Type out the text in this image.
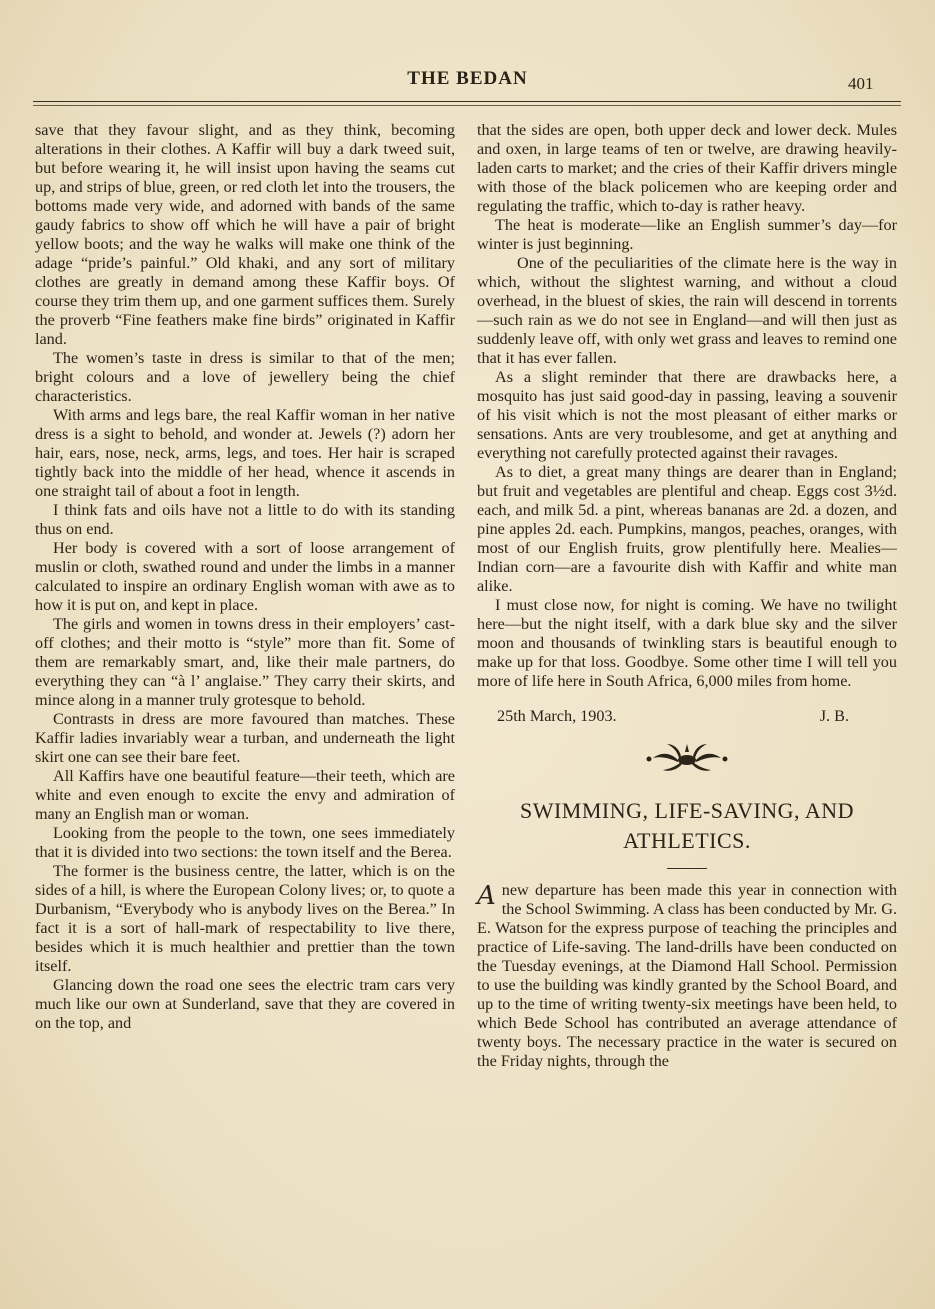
THE BEDAN	401

save that they favour slight, and as they think, becoming alterations in their clothes. A Kaffir will buy a dark tweed suit, but before wearing it, he will insist upon having the seams cut up, and strips of blue, green, or red cloth let into the trousers, the bottoms made very wide, and adorned with bands of the same gaudy fabrics to show off which he will have a pair of bright yellow boots; and the way he walks will make one think of the adage “pride’s painful.” Old khaki, and any sort of military clothes are greatly in demand among these Kaffir boys. Of course they trim them up, and one garment suffices them. Surely the proverb “Fine feathers make fine birds” originated in Kaffir land.

The women’s taste in dress is similar to that of the men; bright colours and a love of jewellery being the chief characteristics.

With arms and legs bare, the real Kaffir woman in her native dress is a sight to behold, and wonder at. Jewels (?) adorn her hair, ears, nose, neck, arms, legs, and toes. Her hair is scraped tightly back into the middle of her head, whence it ascends in one straight tail of about a foot in length.

I think fats and oils have not a little to do with its standing thus on end.

Her body is covered with a sort of loose arrangement of muslin or cloth, swathed round and under the limbs in a manner calculated to inspire an ordinary English woman with awe as to how it is put on, and kept in place.

The girls and women in towns dress in their employers’ cast-off clothes; and their motto is “style” more than fit. Some of them are remarkably smart, and, like their male partners, do everything they can “à l’ anglaise.” They carry their skirts, and mince along in a manner truly grotesque to behold.

Contrasts in dress are more favoured than matches. These Kaffir ladies invariably wear a turban, and underneath the light skirt one can see their bare feet.

All Kaffirs have one beautiful feature—their teeth, which are white and even enough to excite the envy and admiration of many an English man or woman.

Looking from the people to the town, one sees immediately that it is divided into two sections: the town itself and the Berea.

The former is the business centre, the latter, which is on the sides of a hill, is where the European Colony lives; or, to quote a Durbanism, “Everybody who is anybody lives on the Berea.” In fact it is a sort of hall-mark of respectability to live there, besides which it is much healthier and prettier than the town itself.

Glancing down the road one sees the electric tram cars very much like our own at Sunderland, save that they are covered in on the top, and

that the sides are open, both upper deck and lower deck. Mules and oxen, in large teams of ten or twelve, are drawing heavily-laden carts to market; and the cries of their Kaffir drivers mingle with those of the black policemen who are keeping order and regulating the traffic, which to-day is rather heavy.

The heat is moderate—like an English summer’s day—for winter is just beginning.

One of the peculiarities of the climate here is the way in which, without the slightest warning, and without a cloud overhead, in the bluest of skies, the rain will descend in torrents—such rain as we do not see in England—and will then just as suddenly leave off, with only wet grass and leaves to remind one that it has ever fallen.

As a slight reminder that there are drawbacks here, a mosquito has just said good-day in passing, leaving a souvenir of his visit which is not the most pleasant of either marks or sensations. Ants are very troublesome, and get at anything and everything not carefully protected against their ravages.

As to diet, a great many things are dearer than in England; but fruit and vegetables are plentiful and cheap. Eggs cost 3½d. each, and milk 5d. a pint, whereas bananas are 2d. a dozen, and pine apples 2d. each. Pumpkins, mangos, peaches, oranges, with most of our English fruits, grow plentifully here. Mealies—Indian corn—are a favourite dish with Kaffir and white man alike.

I must close now, for night is coming. We have no twilight here—but the night itself, with a dark blue sky and the silver moon and thousands of twinkling stars is beautiful enough to make up for that loss. Goodbye. Some other time I will tell you more of life here in South Africa, 6,000 miles from home.

25th March, 1903.	J. B.
SWIMMING, LIFE-SAVING, AND
ATHLETICS.

Anew departure has been made this year in connection with the School Swimming. A class has been conducted by Mr. G. E. Watson for the express purpose of teaching the principles and practice of Life-saving. The land-drills have been conducted on the Tuesday evenings, at the Diamond Hall School. Permission to use the building was kindly granted by the School Board, and up to the time of writing twenty-six meetings have been held, to which Bede School has contributed an average attendance of twenty boys. The necessary practice in the water is secured on the Friday nights, through the
